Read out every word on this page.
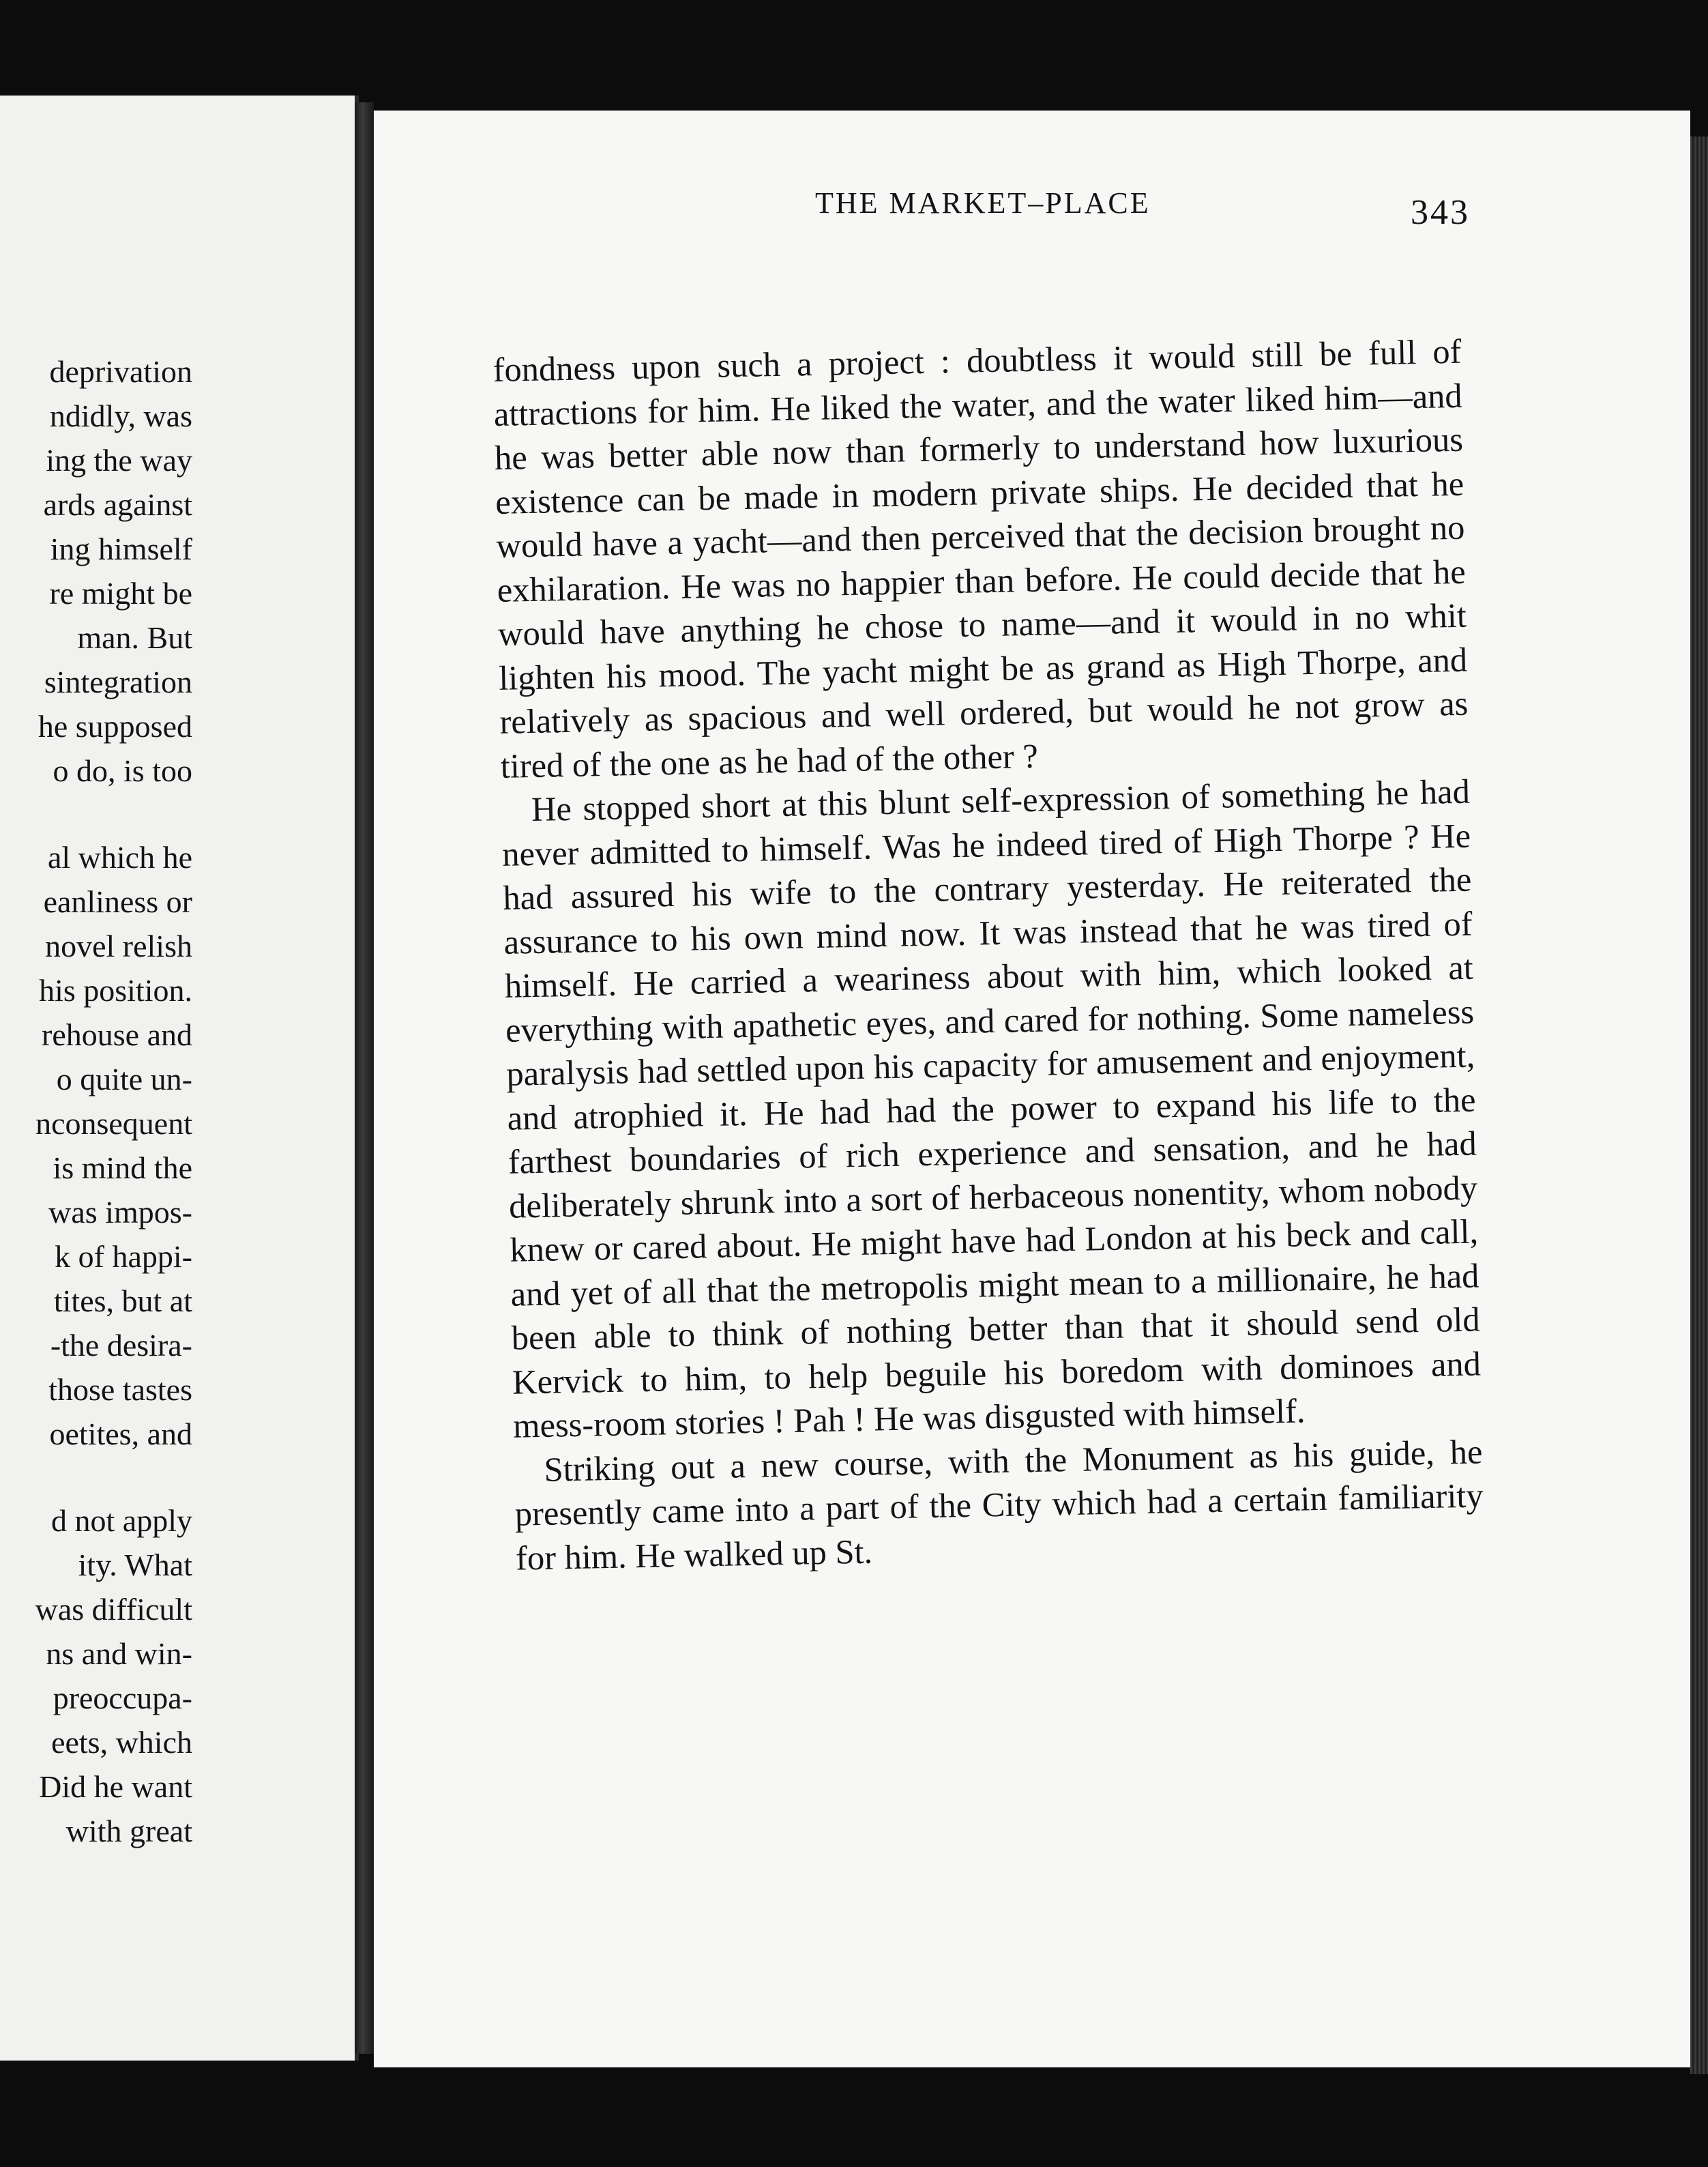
deprivation
ndidly, was
ing the way
ards against
ing himself
re might be
man. But
sintegration
he supposed
o do, is too
al which he
eanliness or
novel relish
his position.
rehouse and
o quite un-
nconsequent
is mind the
was impos-
k of happi-
tites, but at
-the desira-
those tastes
oetites, and
d not apply
ity. What
was difficult
ns and win-
preoccupa-
eets, which
Did he want
with great
THE MARKET–PLACE	343

fondness upon such a project : doubtless it would still be full of attractions for him. He liked the water, and the water liked him—and he was better able now than formerly to understand how luxurious existence can be made in modern private ships. He decided that he would have a yacht—and then perceived that the decision brought no exhilaration. He was no happier than before. He could decide that he would have anything he chose to name—and it would in no whit lighten his mood. The yacht might be as grand as High Thorpe, and relatively as spacious and well ordered, but would he not grow as tired of the one as he had of the other ?

He stopped short at this blunt self-expression of something he had never admitted to himself. Was he indeed tired of High Thorpe ? He had assured his wife to the contrary yesterday. He reiterated the assurance to his own mind now. It was instead that he was tired of himself. He carried a weariness about with him, which looked at everything with apathetic eyes, and cared for nothing. Some nameless paralysis had settled upon his capacity for amusement and enjoyment, and atrophied it. He had had the power to expand his life to the farthest boundaries of rich experience and sensation, and he had deliberately shrunk into a sort of herbaceous nonentity, whom nobody knew or cared about. He might have had London at his beck and call, and yet of all that the metropolis might mean to a millionaire, he had been able to think of nothing better than that it should send old Kervick to him, to help beguile his boredom with dominoes and mess-room stories ! Pah ! He was disgusted with himself.

Striking out a new course, with the Monument as his guide, he presently came into a part of the City which had a certain familiarity for him. He walked up St.
